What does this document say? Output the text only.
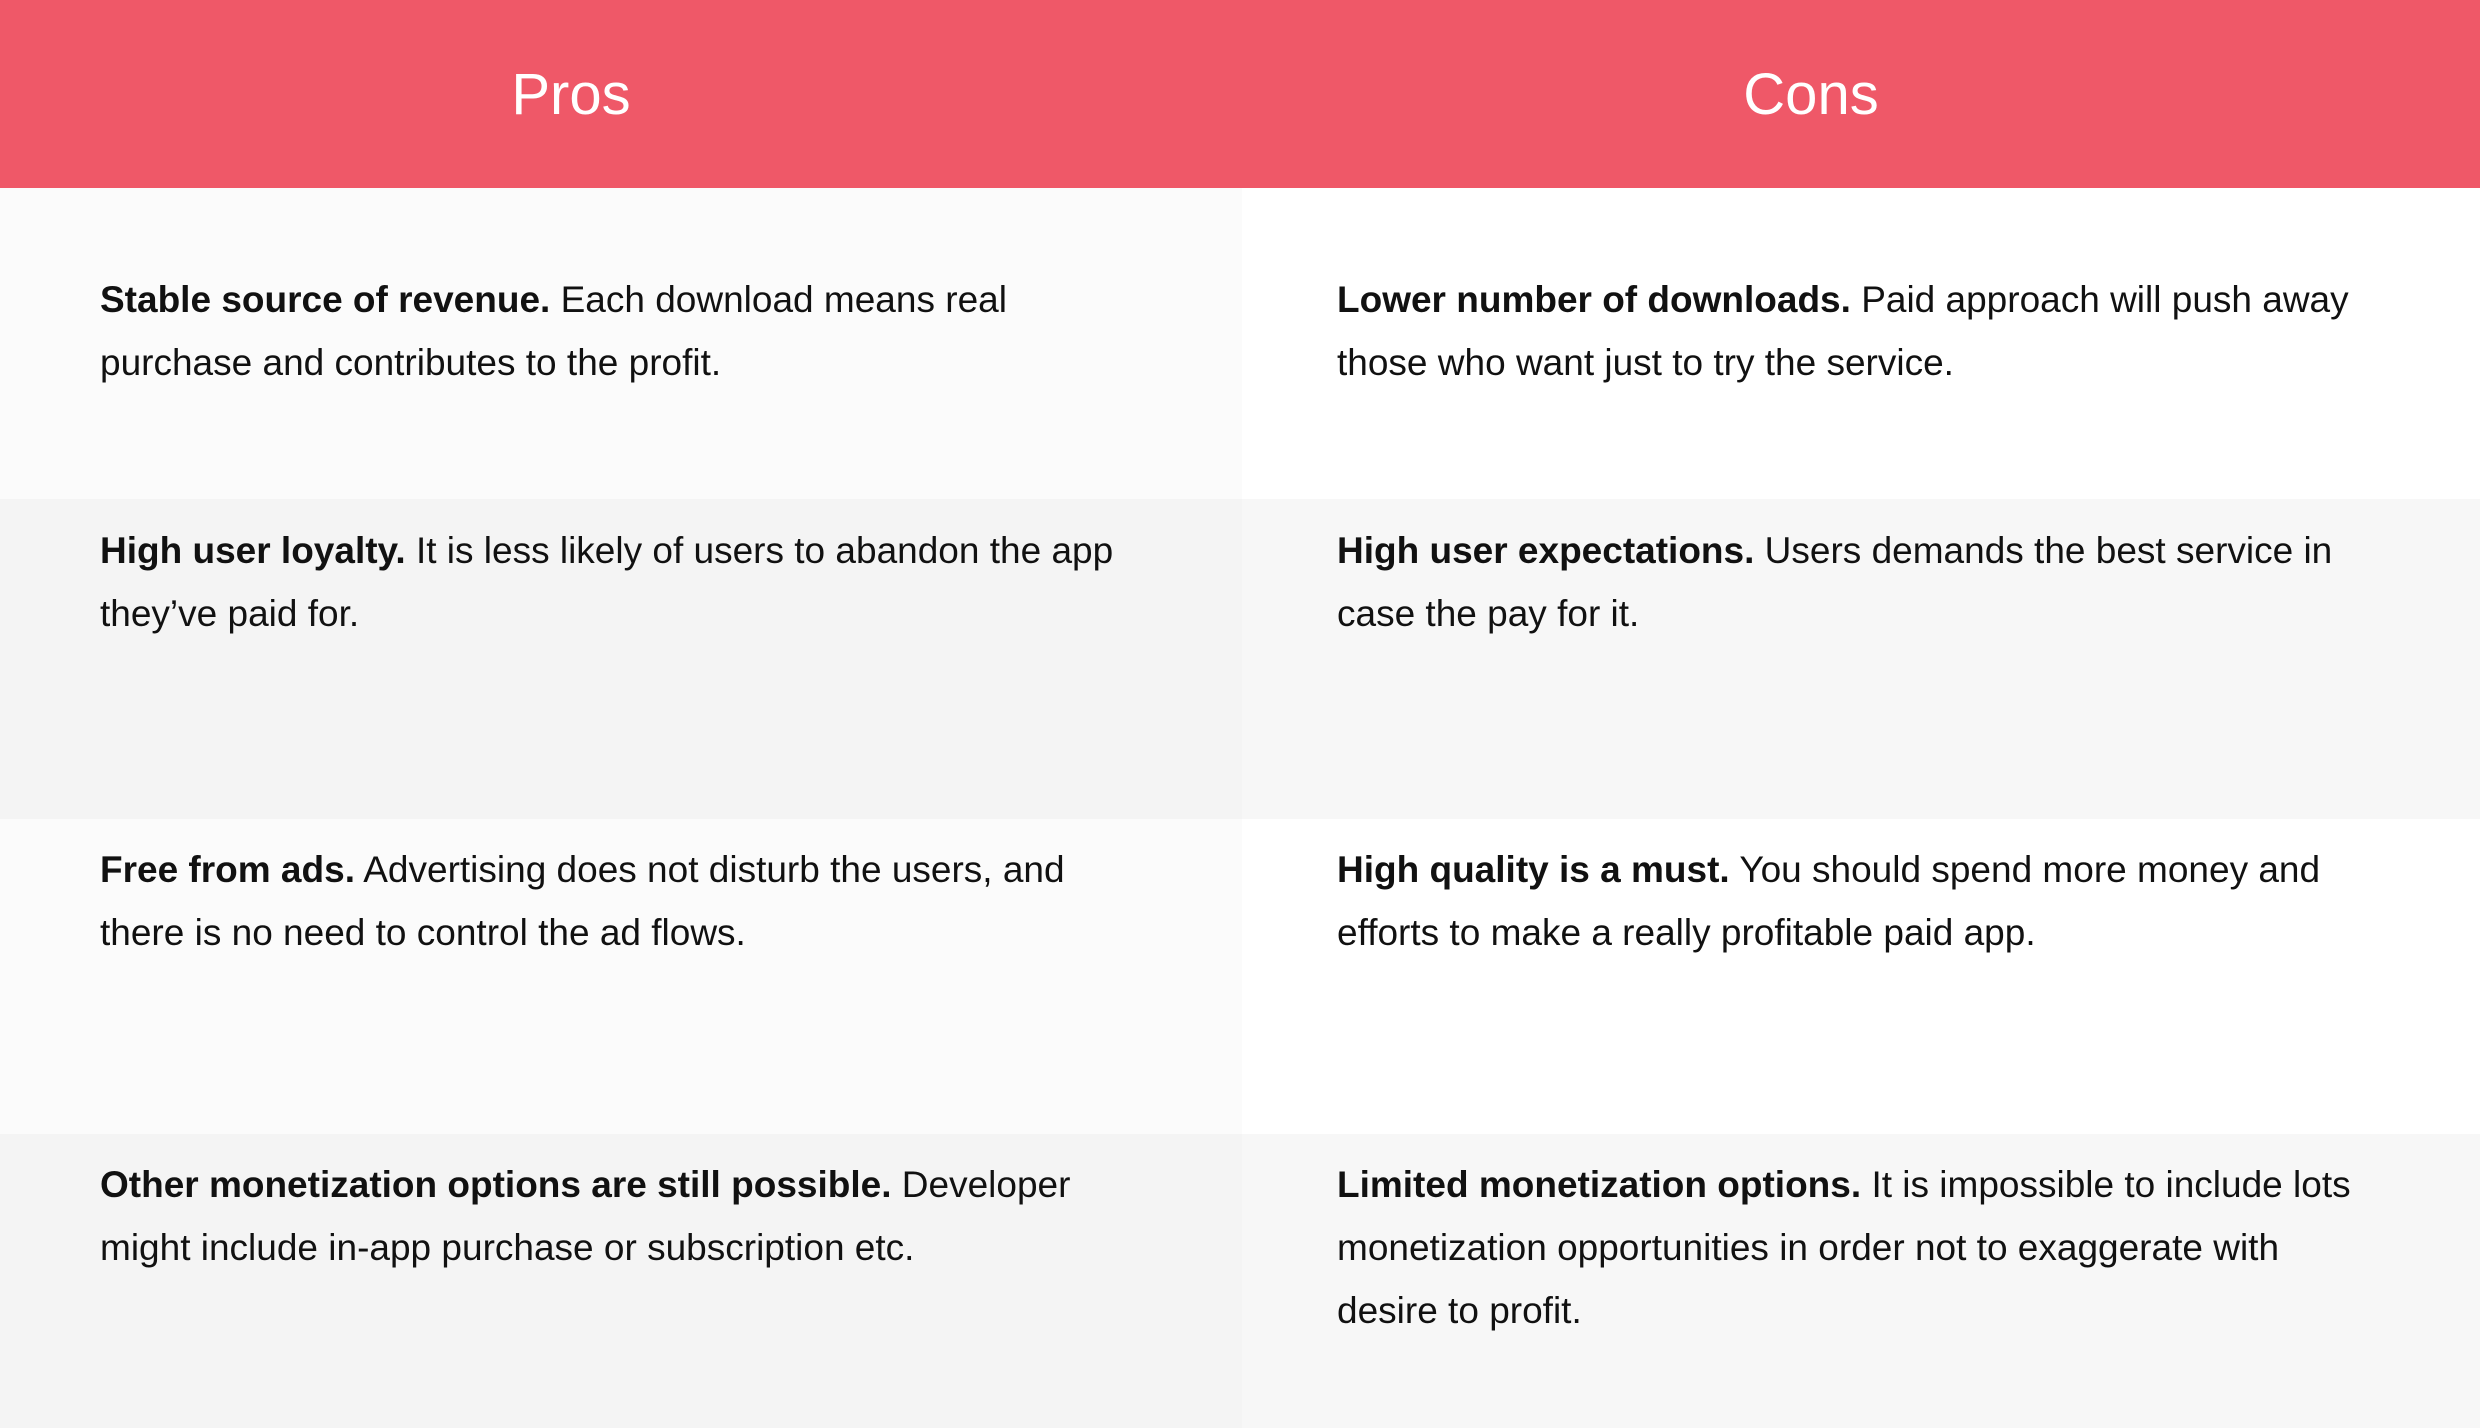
Pros	Cons
Stable source of revenue. Each download means real purchase and contributes to the profit.
Lower number of downloads. Paid approach will push away those who want just to try the service.
High user loyalty. It is less likely of users to abandon the app they’ve paid for.
High user expectations. Users demands the best service in case the pay for it.
Free from ads. Advertising does not disturb the users, and there is no need to control the ad flows.
High quality is a must. You should spend more money and efforts to make a really profitable paid app.
Other monetization options are still possible. Developer might include in-app purchase or subscription etc.
Limited monetization options. It is impossible to include lots monetization opportunities in order not to exaggerate with desire to profit.
